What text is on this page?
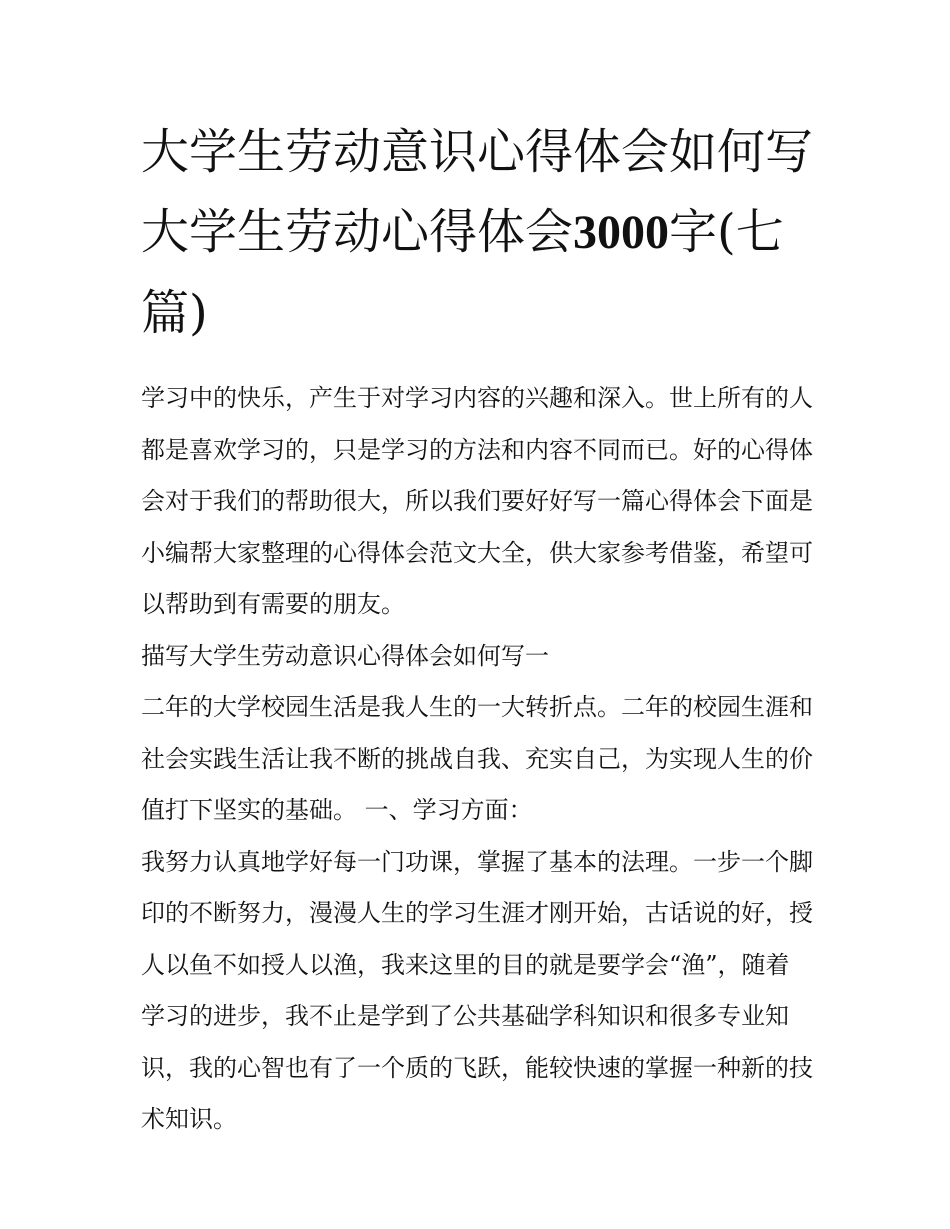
大学生劳动意识心得体会如何写 大学生劳动心得体会3000字(七篇)

学习中的快乐，产生于对学习内容的兴趣和深入。世上所有的人都是喜欢学习的，只是学习的方法和内容不同而已。好的心得体会对于我们的帮助很大，所以我们要好好写一篇心得体会下面是小编帮大家整理的心得体会范文大全，供大家参考借鉴，希望可以帮助到有需要的朋友。

描写大学生劳动意识心得体会如何写一

二年的大学校园生活是我人生的一大转折点。二年的校园生涯和社会实践生活让我不断的挑战自我、充实自己，为实现人生的价值打下坚实的基础。 一、学习方面：

我努力认真地学好每一门功课，掌握了基本的法理。一步一个脚印的不断努力，漫漫人生的学习生涯才刚开始，古话说的好，授人以鱼不如授人以渔，我来这里的目的就是要学会“渔”，随着学习的进步，我不止是学到了公共基础学科知识和很多专业知识，我的心智也有了一个质的飞跃，能较快速的掌握一种新的技术知识。
